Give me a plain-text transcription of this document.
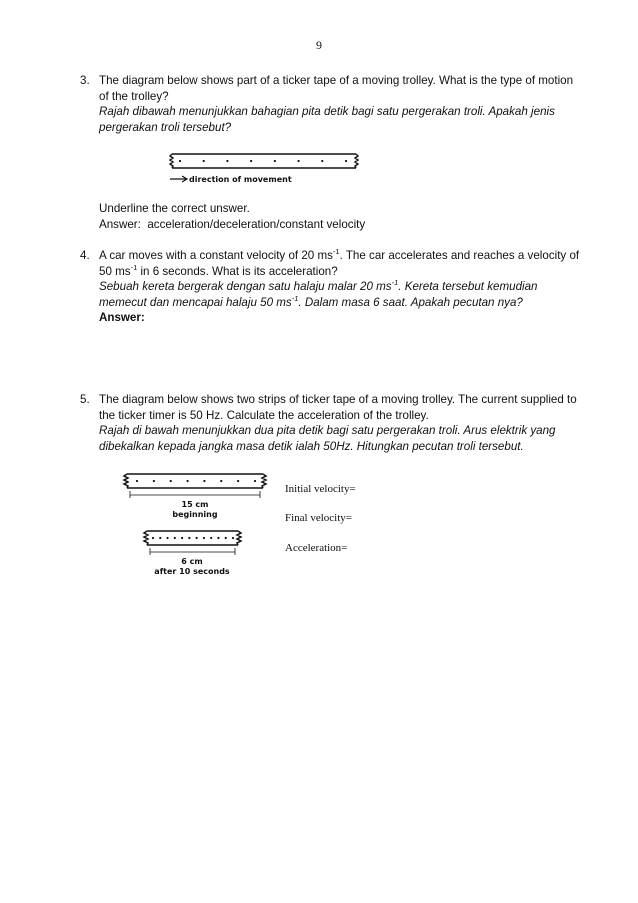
9
3. The diagram below shows part of a ticker tape of a moving trolley. What is the type of motion of the trolley?
Rajah dibawah menunjukkan bahagian pita detik bagi satu pergerakan troli. Apakah jenis pergerakan troli tersebut?
direction of movement
Underline the correct unswer.
Answer: acceleration/deceleration/constant velocity
4. A car moves with a constant velocity of 20 $ms^{-1}$. The car accelerates and reaches a velocity of 50 $ms^{-1}$ in 6 seconds. What is its acceleration?
Sebuah kereta bergerak dengan satu halaju malar 20 $ms^{-1}$. Kereta tersebut kemudian memecut dan mencapai halaju 50 $ms^{-1}$. Dalam masa 6 saat. Apakah pecutan nya?
Answer:
5. The diagram below shows two strips of ticker tape of a moving trolley. The current supplied to the ticker timer is 50 Hz. Calculate the acceleration of the trolley.
Rajah di bawah menunjukkan dua pita detik bagi satu pergerakan troli. Arus elektrik yang dibekalkan kepada jangka masa detik ialah 50Hz. Hitungkan pecutan troli tersebut.
15 cm
beginning
6 cm
after 10 seconds
Initial velocity=
Final velocity=
Acceleration=
